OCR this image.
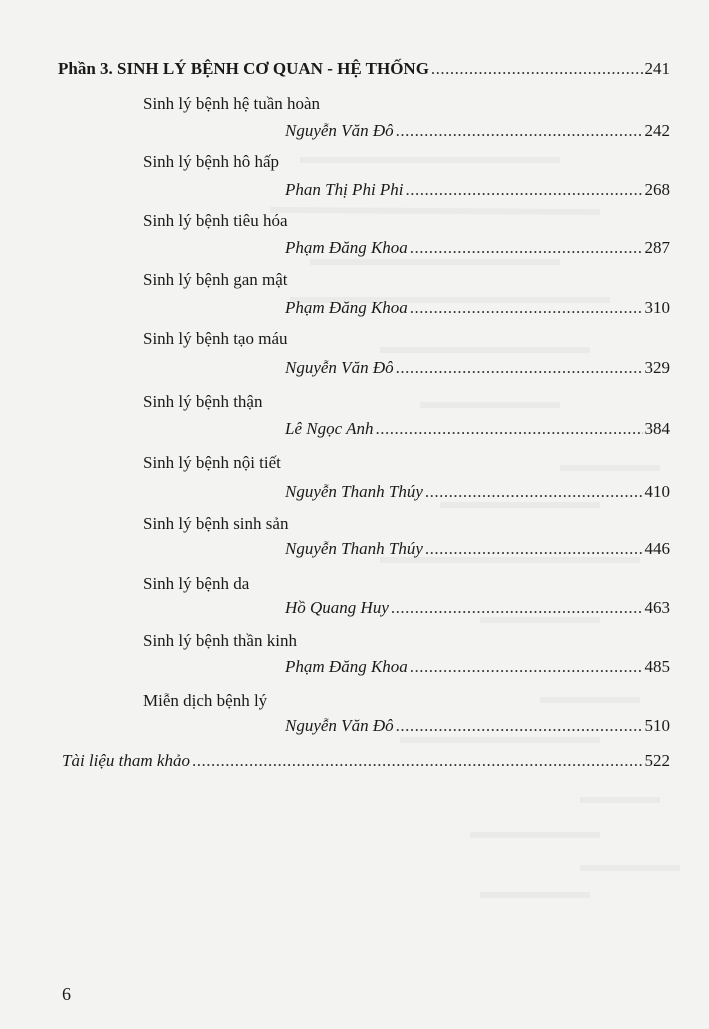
Phần 3. SINH LÝ BỆNH CƠ QUAN - HỆ THỐNG .....	241
Sinh lý bệnh hệ tuần hoàn
Nguyễn Văn Đô .....	242
Sinh lý bệnh hô hấp
Phan Thị Phi Phi .....	268
Sinh lý bệnh tiêu hóa
Phạm Đăng Khoa .....	287
Sinh lý bệnh gan mật
Phạm Đăng Khoa .....	310
Sinh lý bệnh tạo máu
Nguyễn Văn Đô .....	329
Sinh lý bệnh thận
Lê Ngọc Anh .....	384
Sinh lý bệnh nội tiết
Nguyễn Thanh Thúy .....	410
Sinh lý bệnh sinh sản
Nguyễn Thanh Thúy .....	446
Sinh lý bệnh da
Hồ Quang Huy .....	463
Sinh lý bệnh thần kinh
Phạm Đăng Khoa .....	485
Miễn dịch bệnh lý
Nguyễn Văn Đô .....	510
Tài liệu tham khảo .....	522
6
